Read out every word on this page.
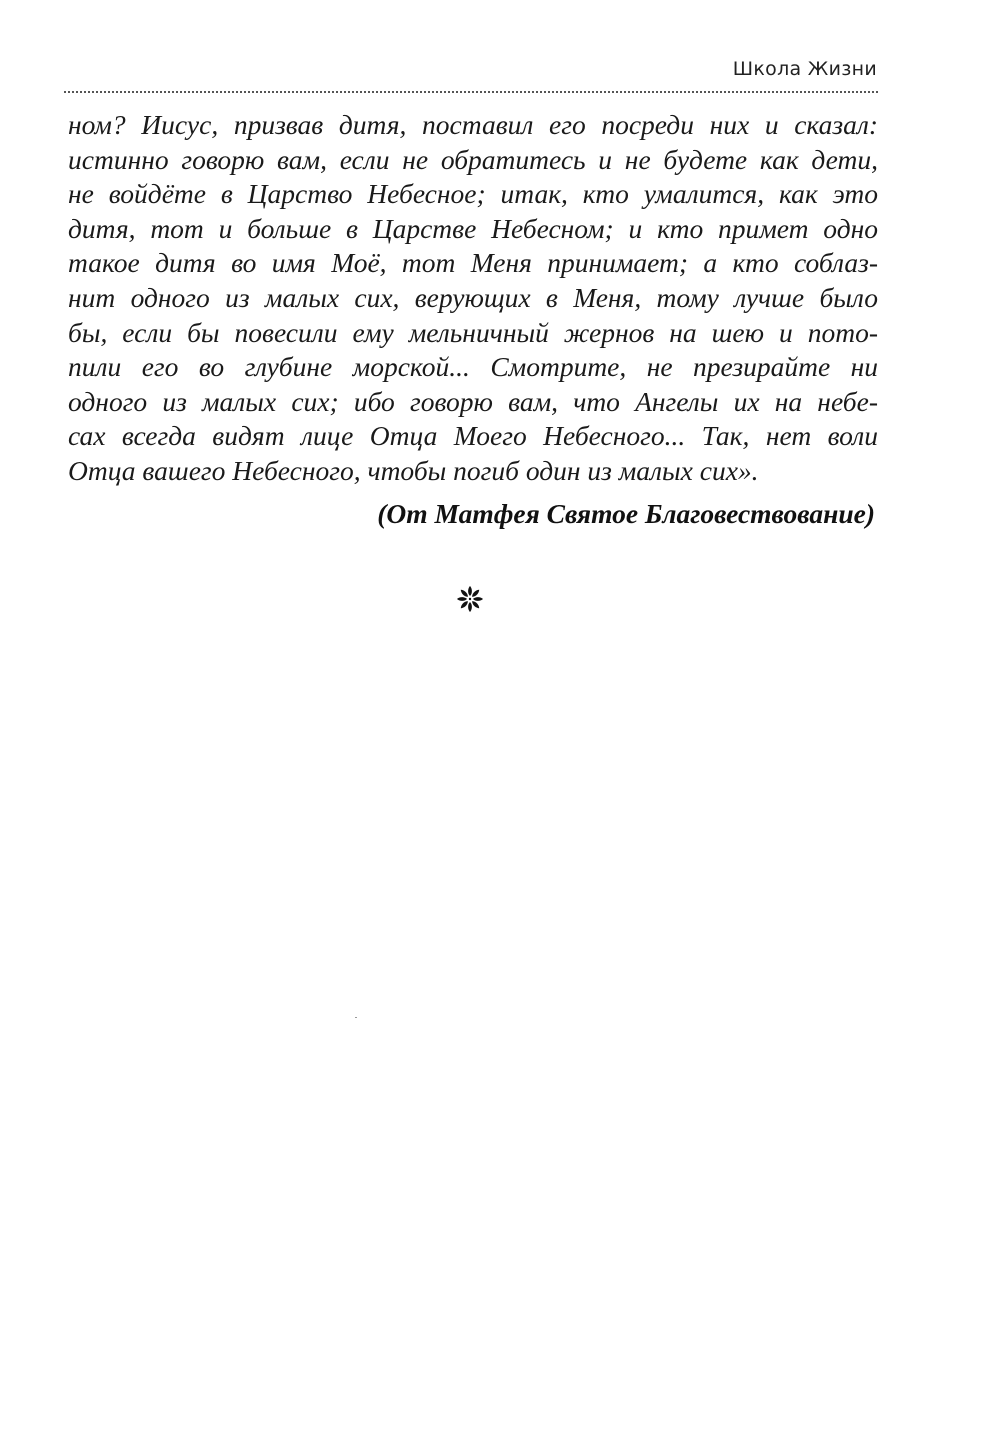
Школа Жизни
ном? Иисус, призвав дитя, поставил его посреди них и сказал:
истинно говорю вам, если не обратитесь и не будете как дети,
не войдёте в Царство Небесное; итак, кто умалится, как это
дитя, тот и больше в Царстве Небесном; и кто примет одно
такое дитя во имя Моё, тот Меня принимает; а кто соблаз-
нит одного из малых сих, верующих в Меня, тому лучше было
бы, если бы повесили ему мельничный жернов на шею и пото-
пили его во глубине морской... Смотрите, не презирайте ни
одного из малых сих; ибо говорю вам, что Ангелы их на небе-
сах всегда видят лице Отца Моего Небесного... Так, нет воли
Отца вашего Небесного, чтобы погиб один из малых сих».
(От Матфея Святое Благовествование)
